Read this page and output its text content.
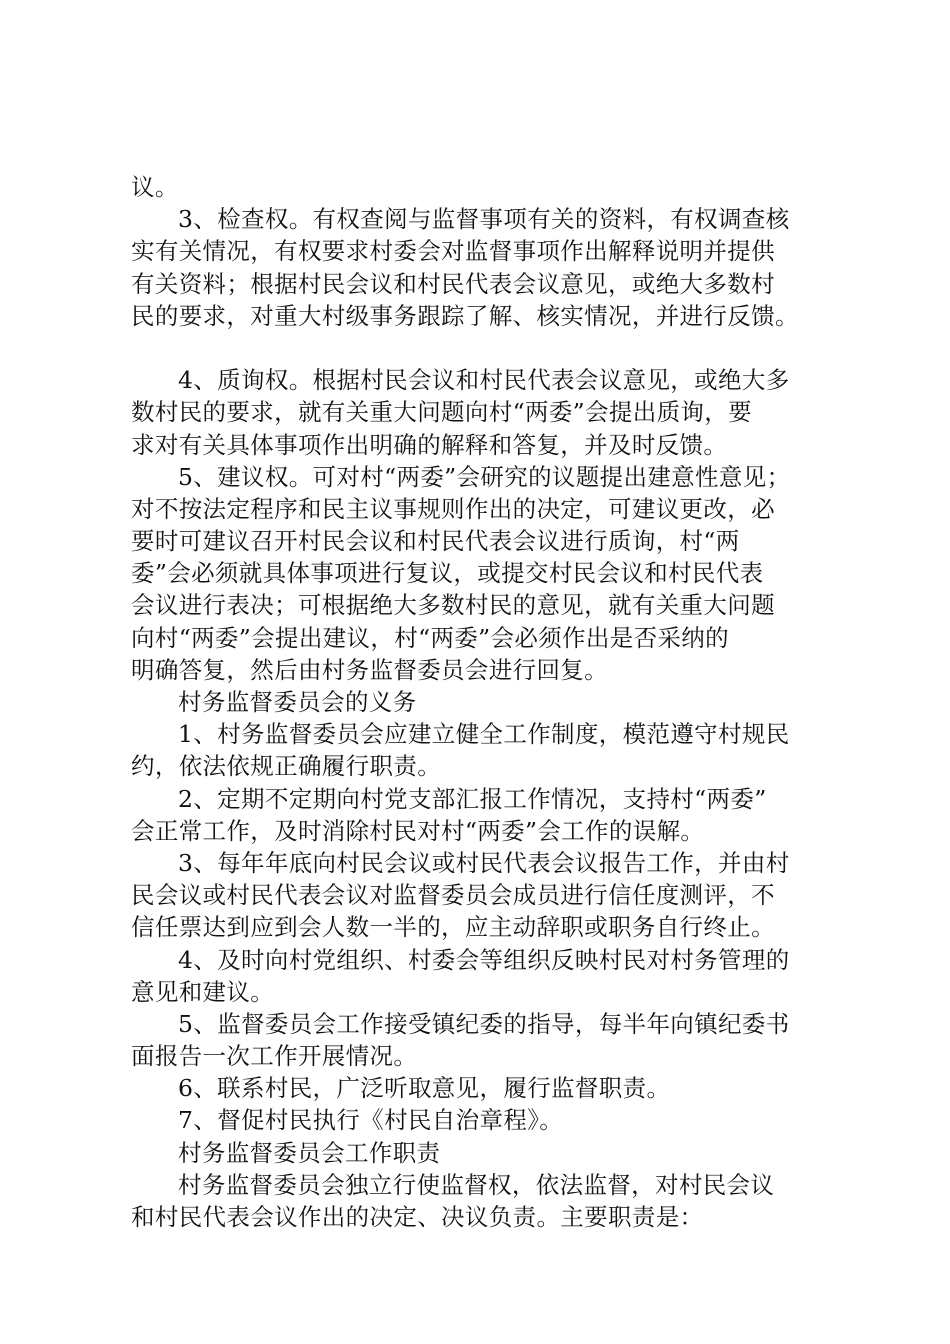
议。
3、检查权。有权查阅与监督事项有关的资料，有权调查核
实有关情况，有权要求村委会对监督事项作出解释说明并提供
有关资料；根据村民会议和村民代表会议意见，或绝大多数村
民的要求，对重大村级事务跟踪了解、核实情况，并进行反馈。
4、质询权。根据村民会议和村民代表会议意见，或绝大多
数村民的要求，就有关重大问题向村“两委”会提出质询，要
求对有关具体事项作出明确的解释和答复，并及时反馈。
5、建议权。可对村“两委”会研究的议题提出建意性意见；
对不按法定程序和民主议事规则作出的决定，可建议更改，必
要时可建议召开村民会议和村民代表会议进行质询，村“两
委”会必须就具体事项进行复议，或提交村民会议和村民代表
会议进行表决；可根据绝大多数村民的意见，就有关重大问题
向村“两委”会提出建议，村“两委”会必须作出是否采纳的
明确答复，然后由村务监督委员会进行回复。
村务监督委员会的义务
1、村务监督委员会应建立健全工作制度，模范遵守村规民
约，依法依规正确履行职责。
2、定期不定期向村党支部汇报工作情况，支持村“两委”
会正常工作，及时消除村民对村“两委”会工作的误解。
3、每年年底向村民会议或村民代表会议报告工作，并由村
民会议或村民代表会议对监督委员会成员进行信任度测评，不
信任票达到应到会人数一半的，应主动辞职或职务自行终止。
4、及时向村党组织、村委会等组织反映村民对村务管理的
意见和建议。
5、监督委员会工作接受镇纪委的指导，每半年向镇纪委书
面报告一次工作开展情况。
6、联系村民，广泛听取意见，履行监督职责。
7、督促村民执行《村民自治章程》。
村务监督委员会工作职责
村务监督委员会独立行使监督权，依法监督，对村民会议
和村民代表会议作出的决定、决议负责。主要职责是：
